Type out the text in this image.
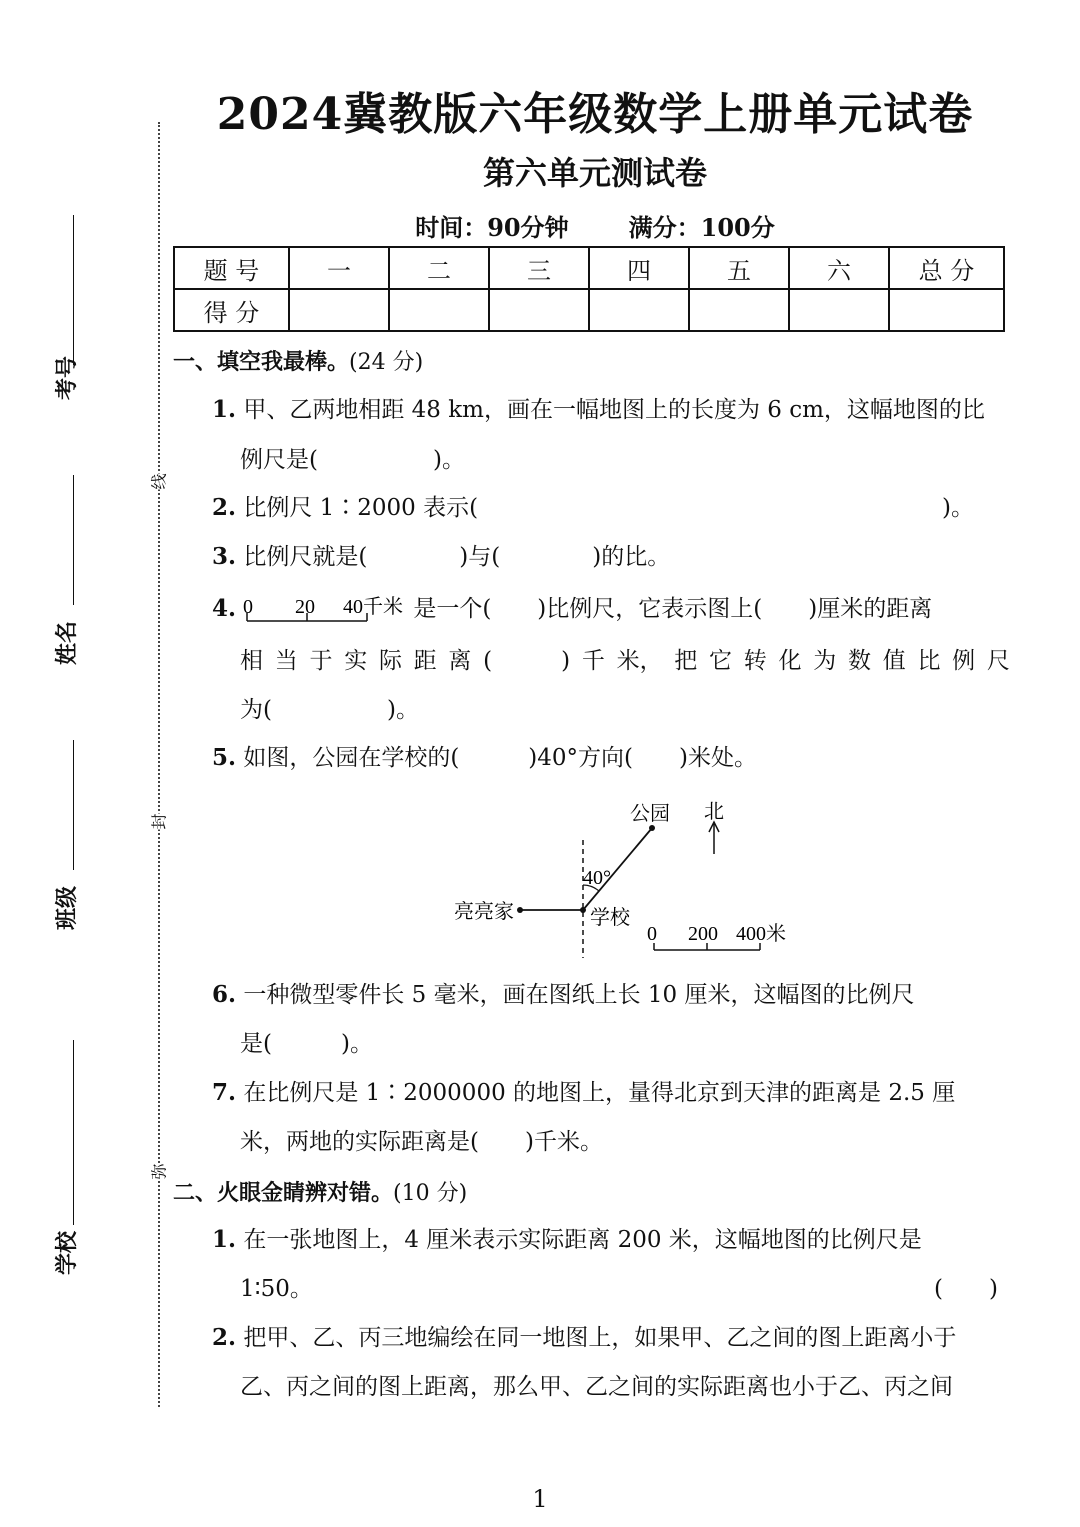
2024冀教版六年级数学上册单元试卷
第六单元测试卷
时间：90分钟	满分：100分
题 号	一	二	三	四	五	六	总 分
得 分							
考号
姓名
班级
学校
线
封
弥
一、填空我最棒。(24 分)
1. 甲、乙两地相距 48 km，画在一幅地图上的长度为 6 cm，这幅地图的比
例尺是(　　　　　)。
2. 比例尺 1∶2000 表示(	)。
3. 比例尺就是(　　　　)与(　　　　)的比。
4. 0 20 40千米 是一个(　　)比例尺，它表示图上(　　)厘米的距离
相 当 于 实 际 距 离 (　　　) 千 米， 把 它 转 化 为 数 值 比 例 尺
为(　　　　　)。
5. 如图，公园在学校的(　　　)40°方向(　　)米处。
40°
公园 北
亮亮家	学校
0 200 400米
6. 一种微型零件长 5 毫米，画在图纸上长 10 厘米，这幅图的比例尺
是(　　　)。
7. 在比例尺是 1∶2000000 的地图上，量得北京到天津的距离是 2.5 厘
米，两地的实际距离是(　　)千米。
二、火眼金睛辨对错。(10 分)
1. 在一张地图上，4 厘米表示实际距离 200 米，这幅地图的比例尺是
1∶50。	(　　)
2. 把甲、乙、丙三地编绘在同一地图上，如果甲、乙之间的图上距离小于
乙、丙之间的图上距离，那么甲、乙之间的实际距离也小于乙、丙之间
1
